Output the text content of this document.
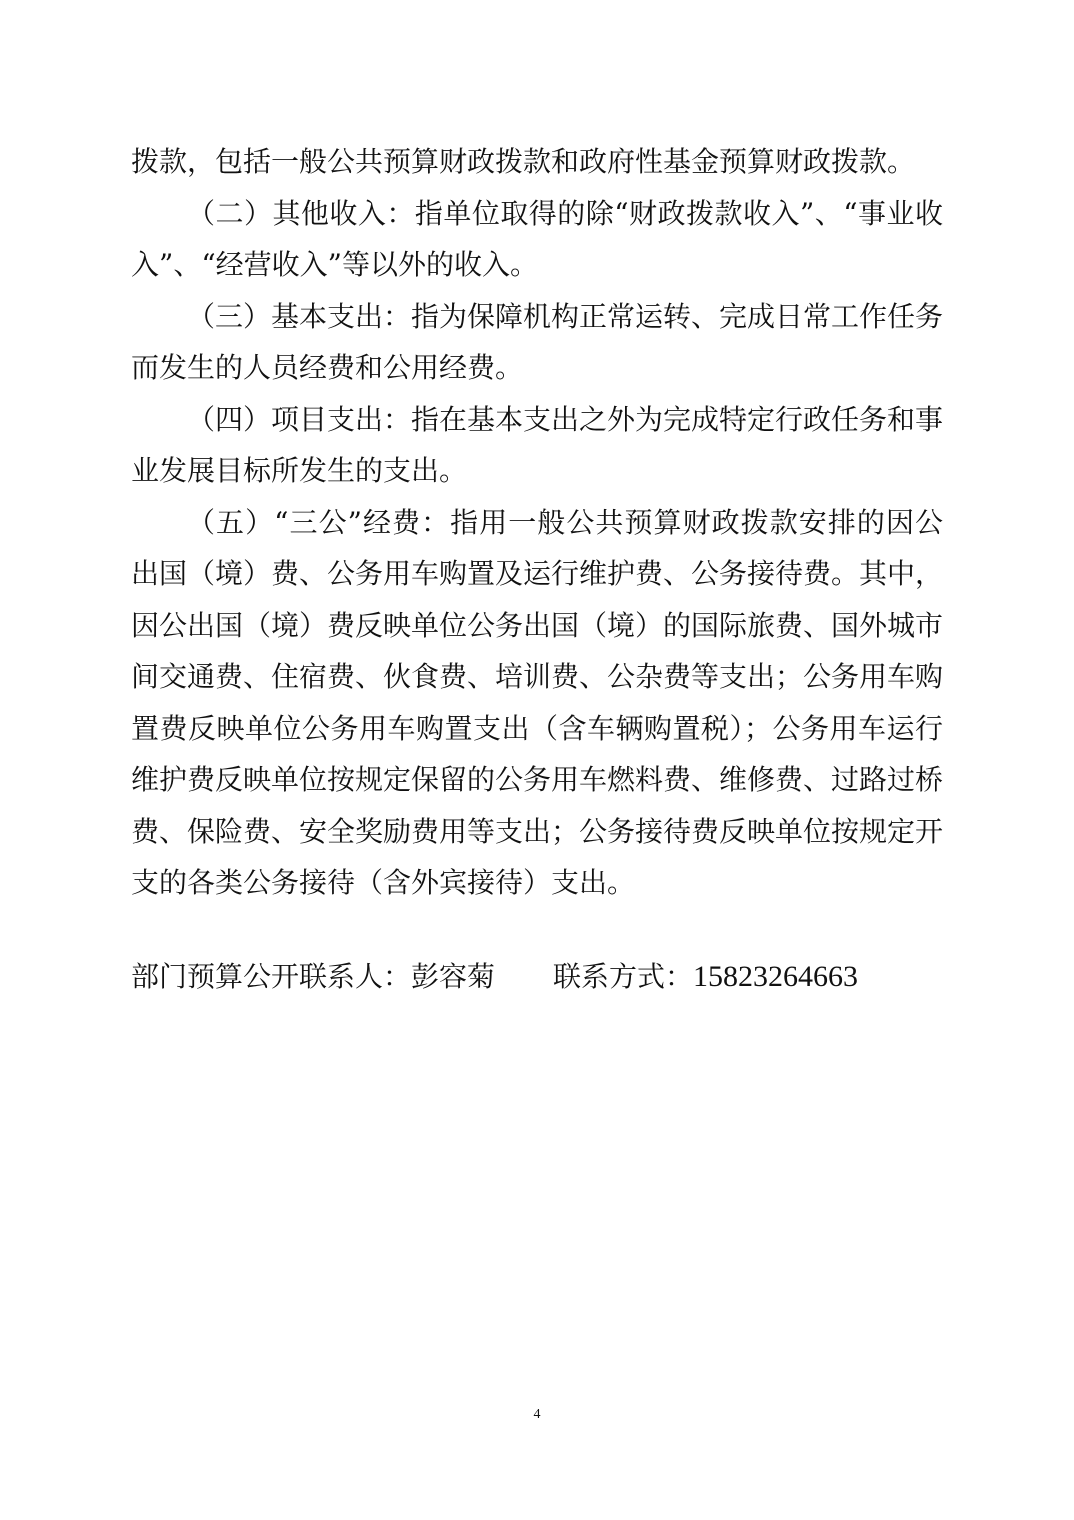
拨款，包括一般公共预算财政拨款和政府性基金预算财政拨款。

（二）其他收入：指单位取得的除“财政拨款收入”、“事业收入”、“经营收入”等以外的收入。

（三）基本支出：指为保障机构正常运转、完成日常工作任务而发生的人员经费和公用经费。

（四）项目支出：指在基本支出之外为完成特定行政任务和事业发展目标所发生的支出。

（五）“三公”经费：指用一般公共预算财政拨款安排的因公出国（境）费、公务用车购置及运行维护费、公务接待费。其中，因公出国（境）费反映单位公务出国（境）的国际旅费、国外城市间交通费、住宿费、伙食费、培训费、公杂费等支出；公务用车购置费反映单位公务用车购置支出（含车辆购置税）；公务用车运行维护费反映单位按规定保留的公务用车燃料费、维修费、过路过桥费、保险费、安全奖励费用等支出；公务接待费反映单位按规定开支的各类公务接待（含外宾接待）支出。

部门预算公开联系人：彭容菊 联系方式：15823264663
4
